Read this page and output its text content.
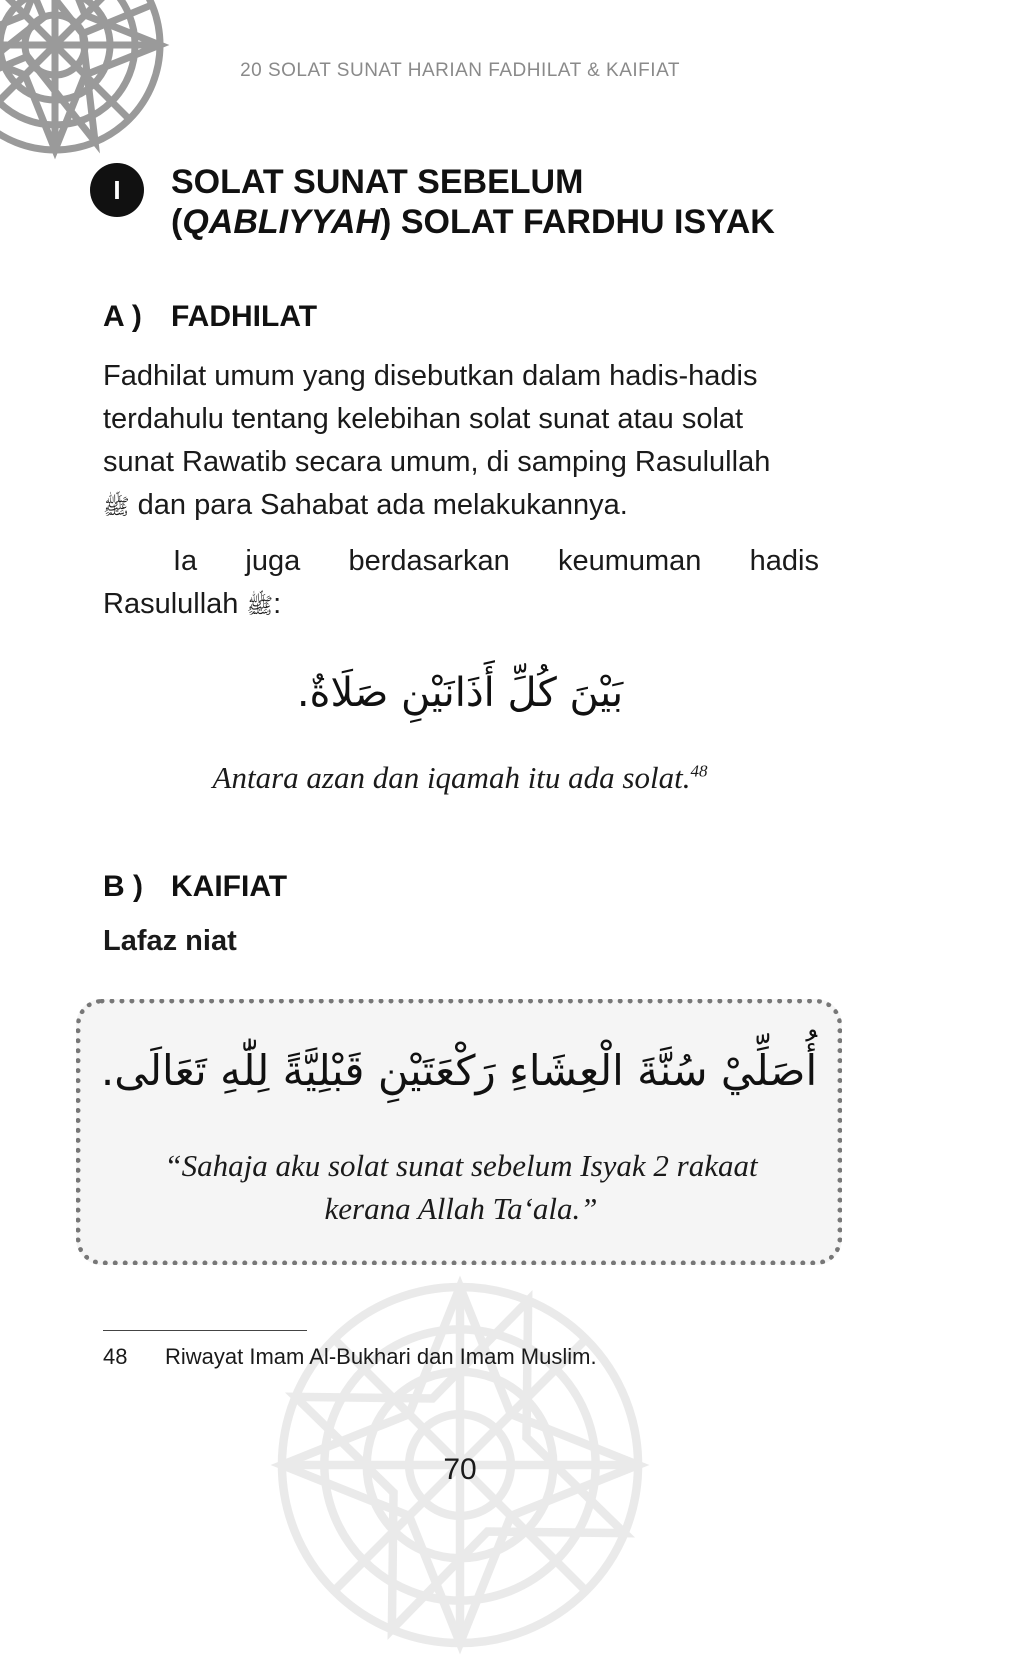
20 SOLAT SUNAT HARIAN FADHILAT & KAIFIAT
I	SOLAT SUNAT SEBELUM
(QABLIYYAH) SOLAT FARDHU ISYAK
A ) FADHILAT
Fadhilat umum yang disebutkan dalam hadis-hadis
terdahulu tentang kelebihan solat sunat atau solat
sunat Rawatib secara umum, di samping Rasulullah
ﷺ dan para Sahabat ada melakukannya.
Ia juga berdasarkan keumuman hadis
Rasulullah ﷺ:
بَيْنَ كُلِّ أَذَانَيْنِ صَلَاةٌ.
Antara azan dan iqamah itu ada solat.$^{48}$
B ) KAIFIAT
Lafaz niat
أُصَلِّيْ سُنَّةَ الْعِشَاءِ رَكْعَتَيْنِ قَبْلِيَّةً لِلّٰهِ تَعَالَى.
“Sahaja aku solat sunat sebelum Isyak 2 rakaat
kerana Allah Ta‘ala.”
48 Riwayat Imam Al-Bukhari dan Imam Muslim.
70
